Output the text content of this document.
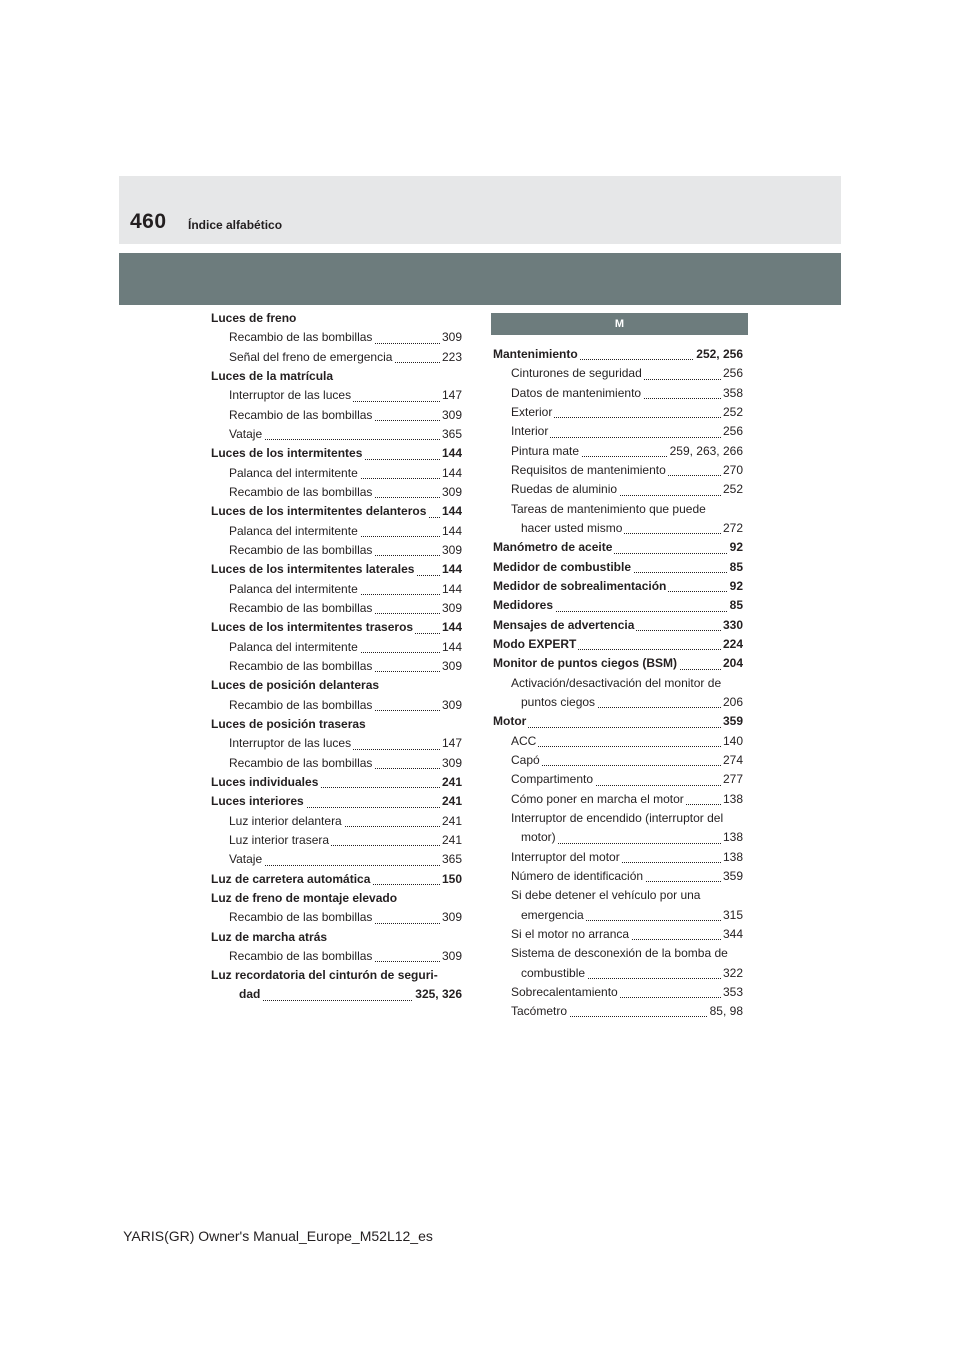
460 Índice alfabético
Luces de freno
Recambio de las bombillas	309
Señal del freno de emergencia	223
Luces de la matrícula
Interruptor de las luces	147
Recambio de las bombillas	309
Vataje	365
Luces de los intermitentes	144
Palanca del intermitente	144
Recambio de las bombillas	309
Luces de los intermitentes delanteros 144
Palanca del intermitente	144
Recambio de las bombillas	309
Luces de los intermitentes laterales 144
Palanca del intermitente	144
Recambio de las bombillas	309
Luces de los intermitentes traseros 144
Palanca del intermitente	144
Recambio de las bombillas	309
Luces de posición delanteras
Recambio de las bombillas	309
Luces de posición traseras
Interruptor de las luces	147
Recambio de las bombillas	309
Luces individuales	241
Luces interiores	241
Luz interior delantera	241
Luz interior trasera	241
Vataje	365
Luz de carretera automática	150
Luz de freno de montaje elevado
Recambio de las bombillas	309
Luz de marcha atrás
Recambio de las bombillas	309
Luz recordatoria del cinturón de seguri-
dad	325, 326
M
Mantenimiento	252, 256
Cinturones de seguridad	256
Datos de mantenimiento	358
Exterior	252
Interior	256
Pintura mate	259, 263, 266
Requisitos de mantenimiento	270
Ruedas de aluminio	252
Tareas de mantenimiento que puede
hacer usted mismo	272
Manómetro de aceite	92
Medidor de combustible	85
Medidor de sobrealimentación	92
Medidores	85
Mensajes de advertencia	330
Modo EXPERT	224
Monitor de puntos ciegos (BSM)	204
Activación/desactivación del monitor de
puntos ciegos	206
Motor	359
ACC	140
Capó	274
Compartimento	277
Cómo poner en marcha el motor	138
Interruptor de encendido (interruptor del
motor)	138
Interruptor del motor	138
Número de identificación	359
Si debe detener el vehículo por una
emergencia	315
Si el motor no arranca	344
Sistema de desconexión de la bomba de
combustible	322
Sobrecalentamiento	353
Tacómetro	85, 98
YARIS(GR) Owner's Manual_Europe_M52L12_es
